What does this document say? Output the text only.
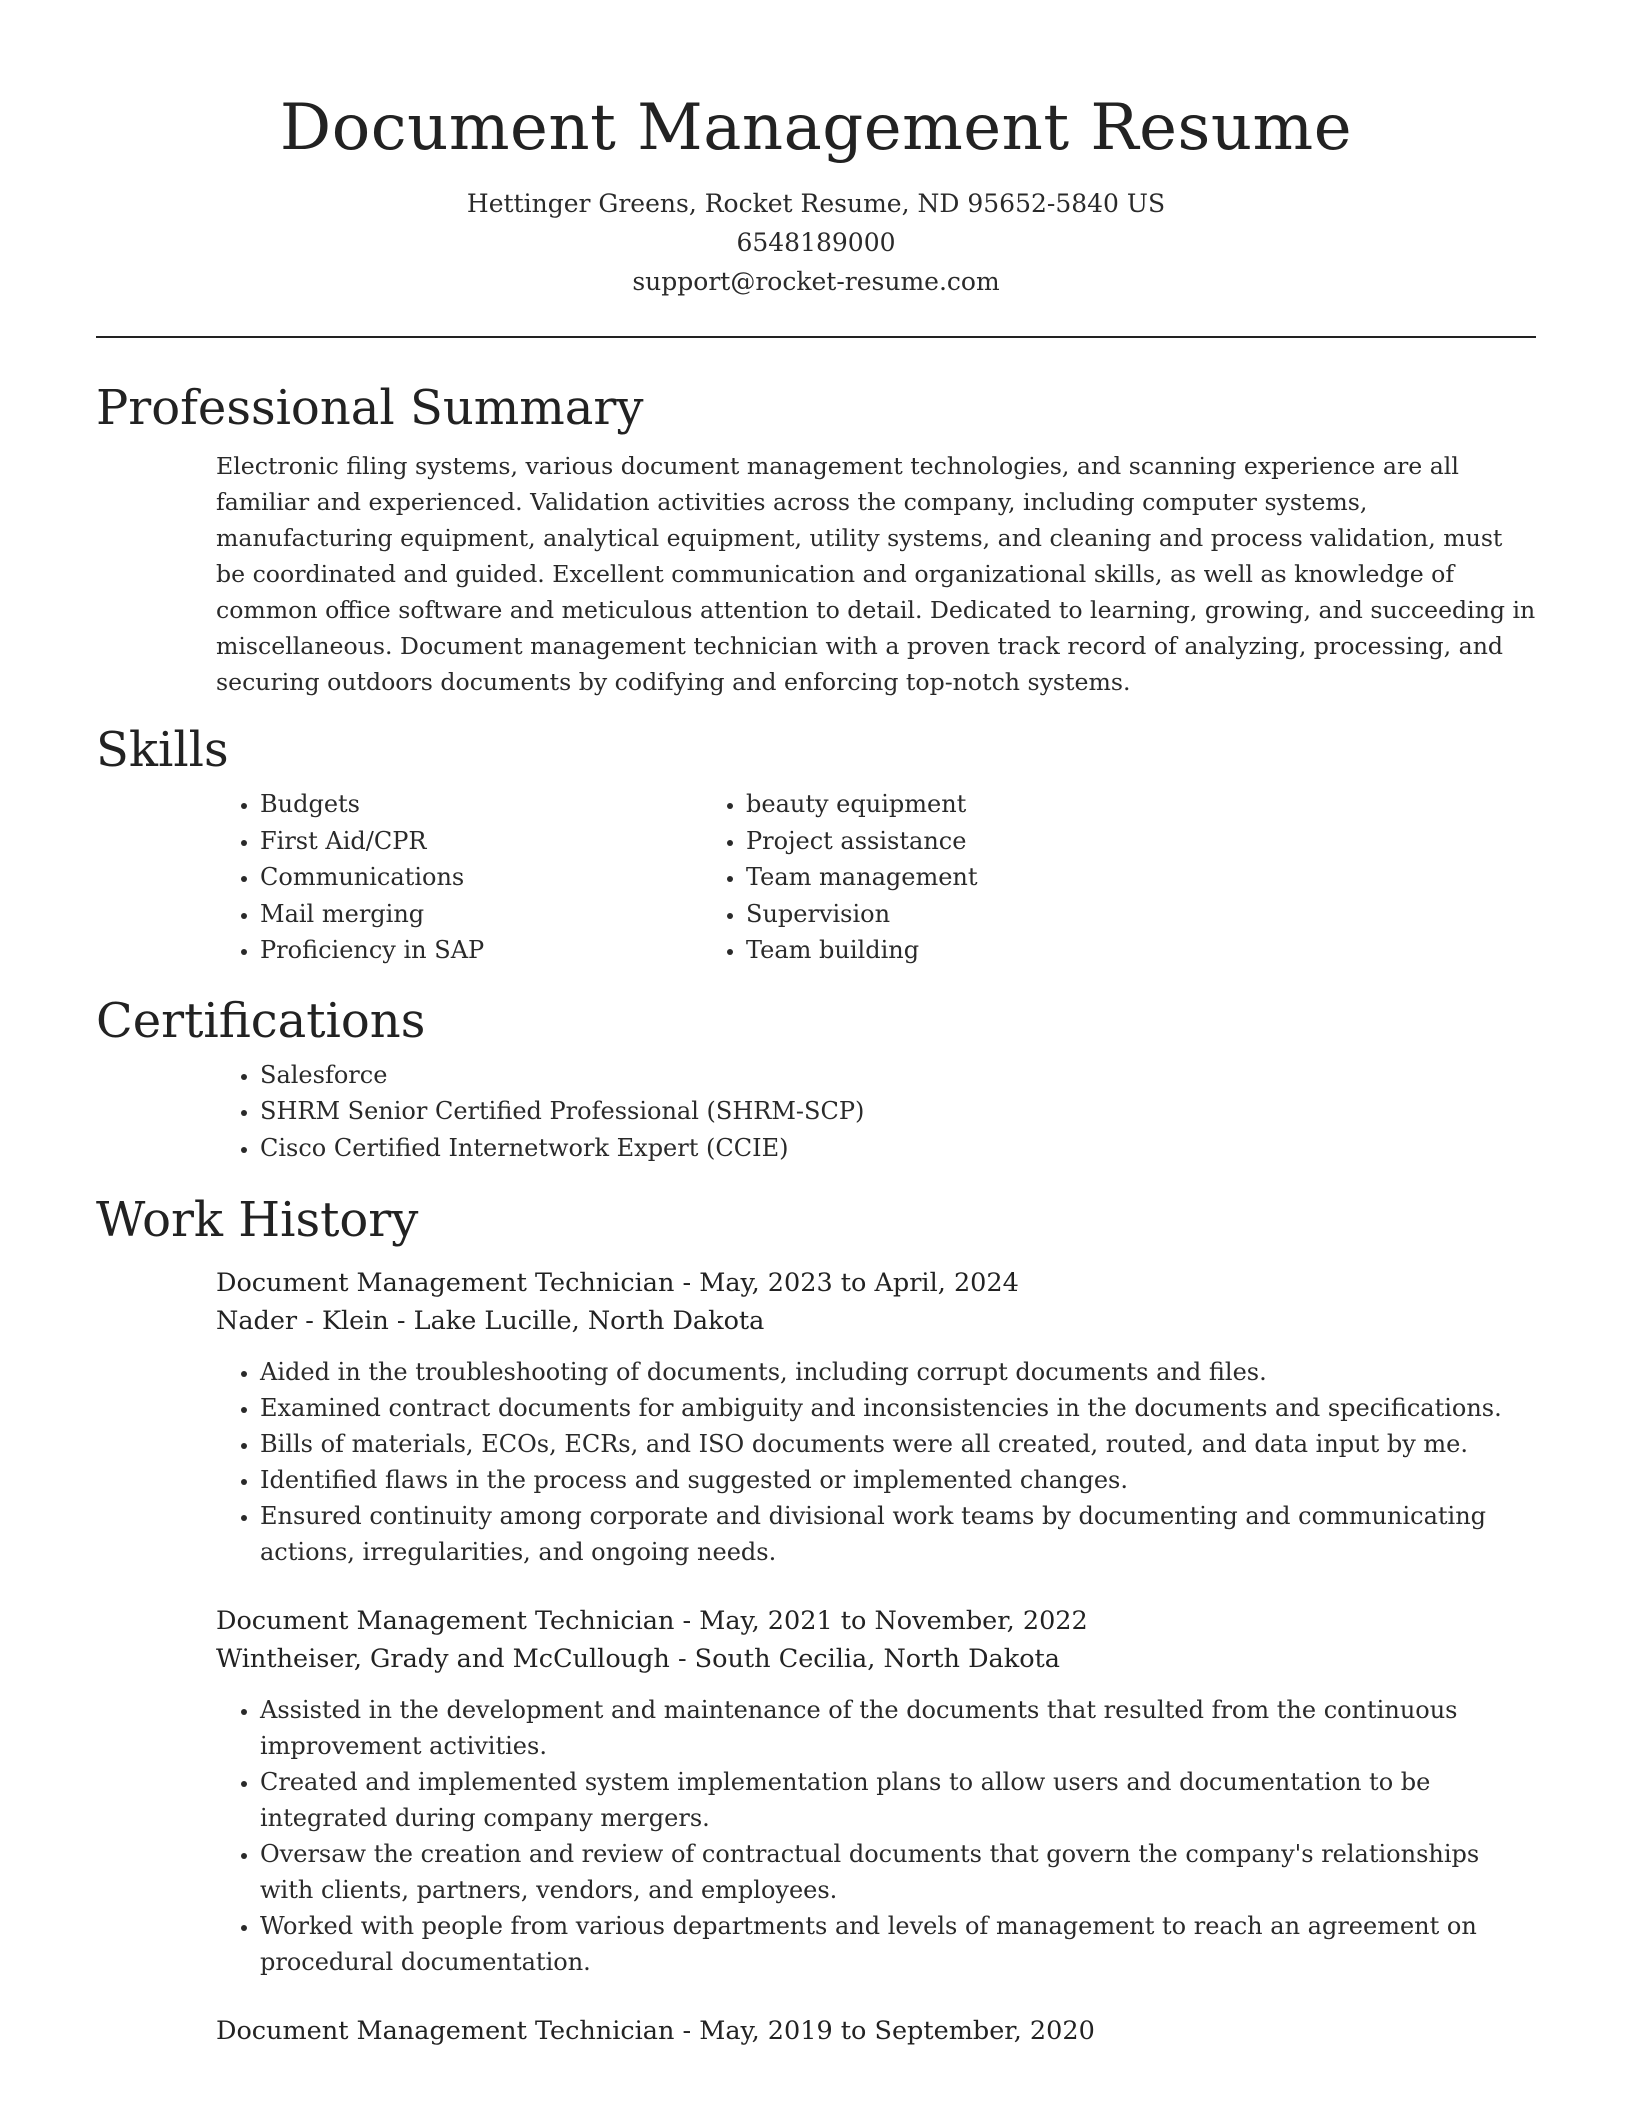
Document Management Resume
Hettinger Greens, Rocket Resume, ND 95652-5840 US
6548189000
support@rocket-resume.com
Professional Summary

Electronic filing systems, various document management technologies, and scanning experience are all familiar and experienced. Validation activities across the company, including computer systems, manufacturing equipment, analytical equipment, utility systems, and cleaning and process validation, must be coordinated and guided. Excellent communication and organizational skills, as well as knowledge of common office software and meticulous attention to detail. Dedicated to learning, growing, and succeeding in miscellaneous. Document management technician with a proven track record of analyzing, processing, and securing outdoors documents by codifying and enforcing top-notch systems.

Skills
• Budgets
• First Aid/CPR
• Communications
• Mail merging
• Proficiency in SAP
• beauty equipment
• Project assistance
• Team management
• Supervision
• Team building
Certifications
• Salesforce
• SHRM Senior Certified Professional (SHRM-SCP)
• Cisco Certified Internetwork Expert (CCIE)
Work History
Document Management Technician - May, 2023 to April, 2024
Nader - Klein - Lake Lucille, North Dakota
• Aided in the troubleshooting of documents, including corrupt documents and files.
• Examined contract documents for ambiguity and inconsistencies in the documents and specifications.
• Bills of materials, ECOs, ECRs, and ISO documents were all created, routed, and data input by me.
• Identified flaws in the process and suggested or implemented changes.
• Ensured continuity among corporate and divisional work teams by documenting and communicating actions, irregularities, and ongoing needs.
Document Management Technician - May, 2021 to November, 2022
Wintheiser, Grady and McCullough - South Cecilia, North Dakota
• Assisted in the development and maintenance of the documents that resulted from the continuous improvement activities.
• Created and implemented system implementation plans to allow users and documentation to be integrated during company mergers.
• Oversaw the creation and review of contractual documents that govern the company's relationships with clients, partners, vendors, and employees.
• Worked with people from various departments and levels of management to reach an agreement on procedural documentation.
Document Management Technician - May, 2019 to September, 2020
